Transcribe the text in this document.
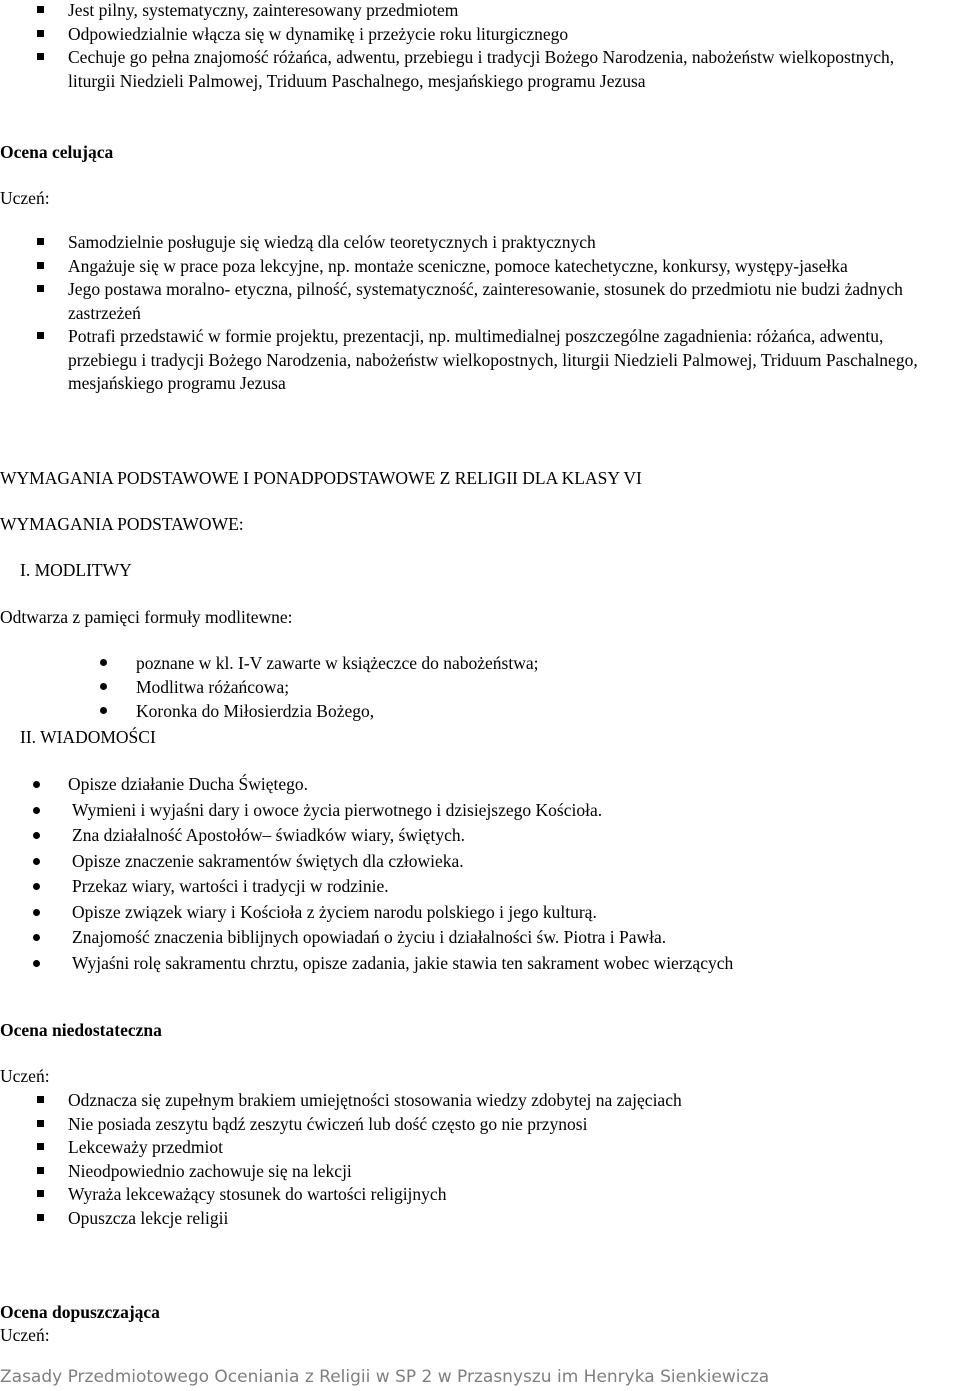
Jest pilny, systematyczny, zainteresowany przedmiotem
Odpowiedzialnie włącza się w dynamikę i przeżycie roku liturgicznego
Cechuje go pełna znajomość różańca, adwentu, przebiegu i tradycji Bożego Narodzenia, nabożeństw wielkopostnych, liturgii Niedzieli Palmowej, Triduum Paschalnego, mesjańskiego programu Jezusa
Ocena celująca
Uczeń:
Samodzielnie posługuje się wiedzą dla celów teoretycznych i praktycznych
Angażuje się w prace poza lekcyjne, np. montaże sceniczne, pomoce katechetyczne, konkursy, występy-jasełka
Jego postawa moralno- etyczna, pilność, systematyczność, zainteresowanie, stosunek do przedmiotu nie budzi żadnych zastrzeżeń
Potrafi przedstawić w formie projektu, prezentacji, np. multimedialnej poszczególne zagadnienia: różańca, adwentu, przebiegu i tradycji Bożego Narodzenia, nabożeństw wielkopostnych, liturgii Niedzieli Palmowej, Triduum Paschalnego, mesjańskiego programu Jezusa
WYMAGANIA PODSTAWOWE I PONADPODSTAWOWE Z RELIGII DLA KLASY VI
WYMAGANIA PODSTAWOWE:
I. MODLITWY
Odtwarza z pamięci formuły modlitewne:
poznane w kl. I-V zawarte w książeczce do nabożeństwa;
Modlitwa różańcowa;
Koronka do Miłosierdzia Bożego,
II. WIADOMOŚCI
Opisze działanie Ducha Świętego.
Wymieni i wyjaśni dary i owoce życia pierwotnego i dzisiejszego Kościoła.
Zna działalność Apostołów– świadków wiary, świętych.
Opisze znaczenie sakramentów świętych dla człowieka.
Przekaz wiary, wartości i tradycji w rodzinie.
Opisze związek wiary i Kościoła z życiem narodu polskiego i jego kulturą.
Znajomość znaczenia biblijnych opowiadań o życiu i działalności św. Piotra i Pawła.
Wyjaśni rolę sakramentu chrztu, opisze zadania, jakie stawia ten sakrament wobec wierzących
Ocena niedostateczna
Uczeń:
Odznacza się zupełnym brakiem umiejętności stosowania wiedzy zdobytej na zajęciach
Nie posiada zeszytu bądź zeszytu ćwiczeń lub dość często go nie przynosi
Lekceważy przedmiot
Nieodpowiednio zachowuje się na lekcji
Wyraża lekceważący stosunek do wartości religijnych
Opuszcza lekcje religii
Ocena dopuszczająca
Uczeń:
Zasady Przedmiotowego Oceniania z Religii w SP 2 w Przasnyszu im Henryka Sienkiewicza
